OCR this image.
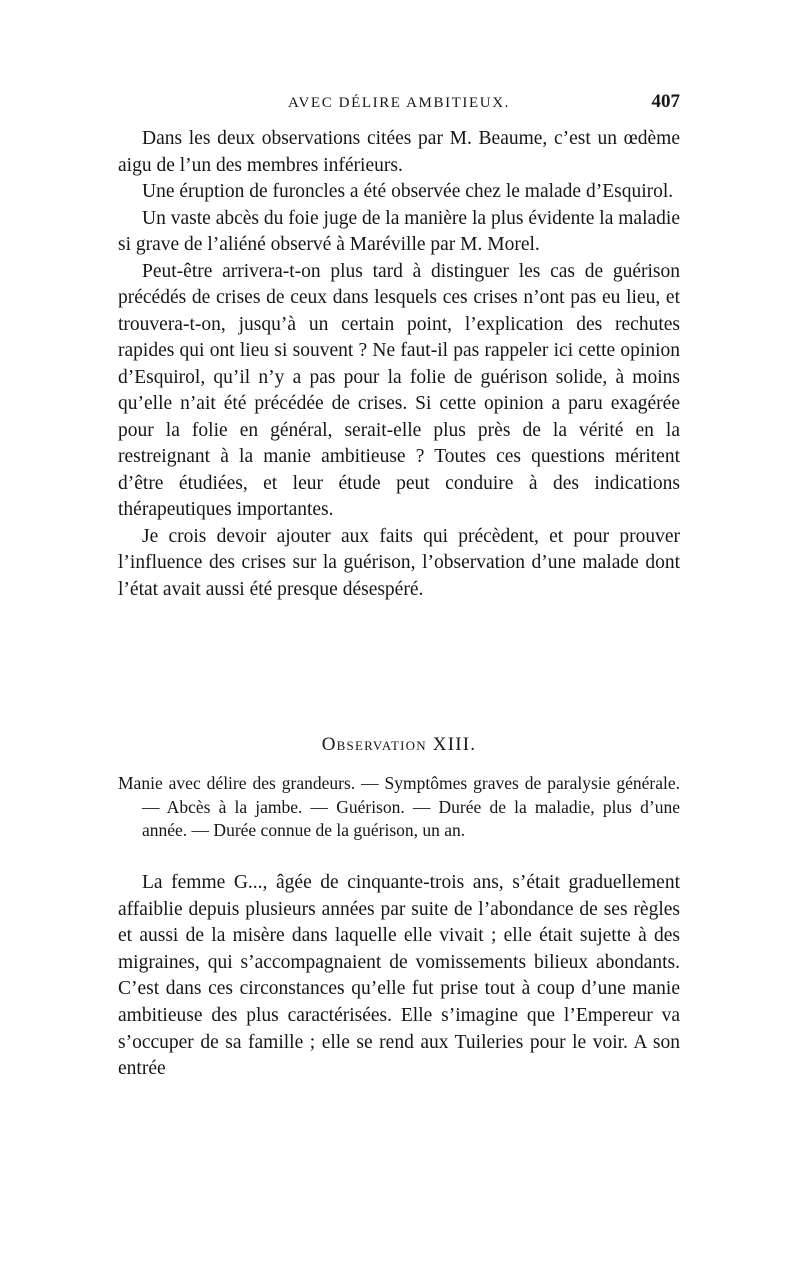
AVEC DÉLIRE AMBITIEUX.	407

Dans les deux observations citées par M. Beaume, c’est un œdème aigu de l’un des membres inférieurs.

Une éruption de furoncles a été observée chez le malade d’Esquirol.

Un vaste abcès du foie juge de la manière la plus évidente la maladie si grave de l’aliéné observé à Maréville par M. Morel.

Peut-être arrivera-t-on plus tard à distinguer les cas de guérison précédés de crises de ceux dans lesquels ces crises n’ont pas eu lieu, et trouvera-t-on, jusqu’à un certain point, l’explication des rechutes rapides qui ont lieu si souvent ? Ne faut-il pas rappeler ici cette opinion d’Esquirol, qu’il n’y a pas pour la folie de guérison solide, à moins qu’elle n’ait été précédée de crises. Si cette opinion a paru exagérée pour la folie en général, serait-elle plus près de la vérité en la restreignant à la manie ambitieuse ? Toutes ces questions méritent d’être étudiées, et leur étude peut conduire à des indications thérapeutiques importantes.

Je crois devoir ajouter aux faits qui précèdent, et pour prouver l’influence des crises sur la guérison, l’observation d’une malade dont l’état avait aussi été presque désespéré.

Observation XIII.

Manie avec délire des grandeurs. — Symptômes graves de paralysie générale. — Abcès à la jambe. — Guérison. — Durée de la maladie, plus d’une année. — Durée connue de la guérison, un an.

La femme G..., âgée de cinquante-trois ans, s’était graduellement affaiblie depuis plusieurs années par suite de l’abondance de ses règles et aussi de la misère dans laquelle elle vivait ; elle était sujette à des migraines, qui s’accompagnaient de vomissements bilieux abondants. C’est dans ces circonstances qu’elle fut prise tout à coup d’une manie ambitieuse des plus caractérisées. Elle s’imagine que l’Empereur va s’occuper de sa famille ; elle se rend aux Tuileries pour le voir. A son entrée
